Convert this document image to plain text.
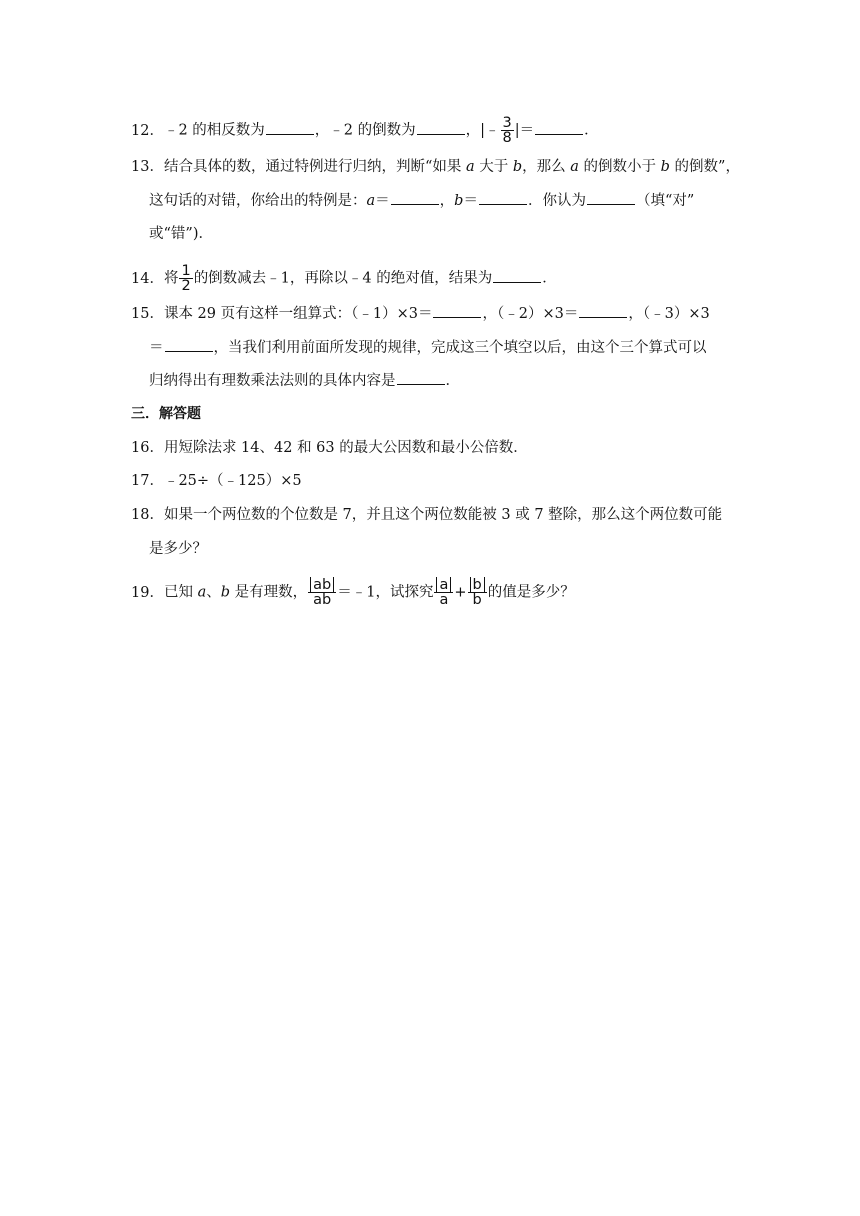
12．﹣2 的相反数为	，﹣2 的倒数为	，|﹣ $\frac{3}{8}$ |＝	．
13．结合具体的数，通过特例进行归纳，判断“如果 a 大于 b，那么 a 的倒数小于 b 的倒数”，
这句话的对错，你给出的特例是：a＝	，b＝	．你认为	（填“对”
或“错”)．
14．将 $\frac{1}{2}$ 的倒数减去﹣1，再除以﹣4 的绝对值，结果为	．
15．课本 29 页有这样一组算式：（﹣1）×3＝	，（﹣2）×3＝	，（﹣3）×3
＝	，当我们利用前面所发现的规律，完成这三个填空以后，由这个三个算式可以
归纳得出有理数乘法法则的具体内容是	．
三．解答题
16．用短除法求 14、42 和 63 的最大公因数和最小公倍数．
17．﹣25÷（﹣125）×5
18．如果一个两位数的个位数是 7，并且这个两位数能被 3 或 7 整除，那么这个两位数可能
是多少？
19．已知 a、b 是有理数， $\frac{ab}{ab}$ ＝﹣1，试探究 $\frac{a}{a} + \frac{b}{b}$ 的值是多少？
